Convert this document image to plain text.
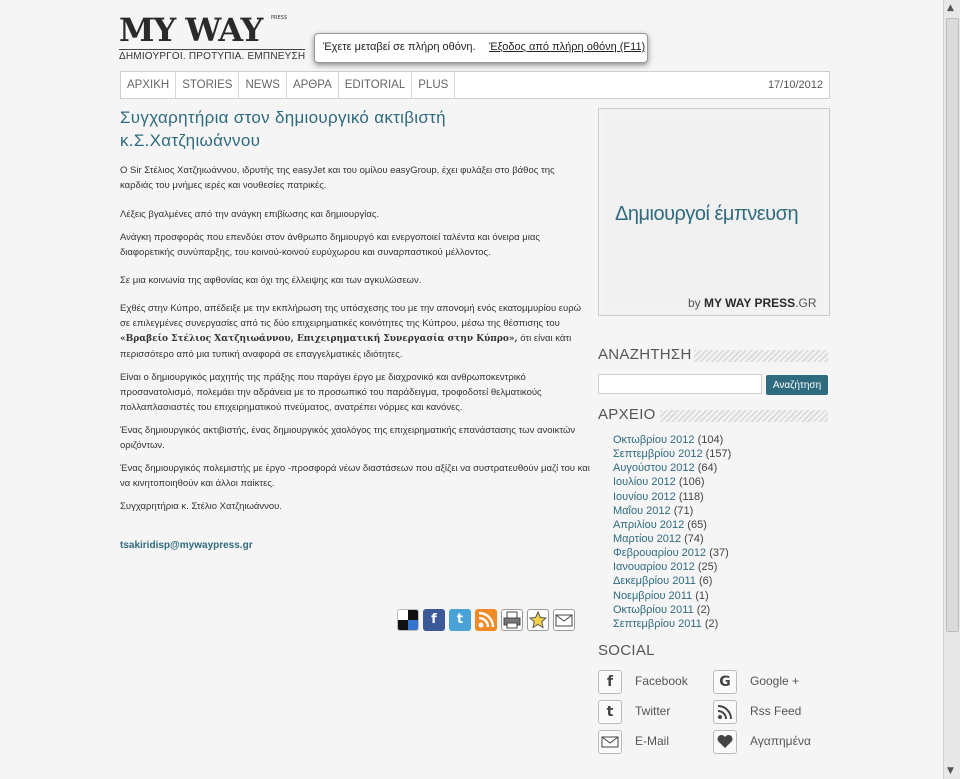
MY WAY	PRESS
ΔΗΜΙΟΥΡΓΟΙ. ΠΡΟΤΥΠΙΑ. ΕΜΠΝΕΥΣΗ
Έχετε μεταβεί σε πλήρη οθόνη. Έξοδος από πλήρη οθόνη (F11)
ΑΡΧΙΚΗ	STORIES	NEWS	ΑΡΘΡΑ	EDITORIAL	PLUS	17/10/2012
Συγχαρητήρια στον δημιουργικό ακτιβιστή κ.Σ.Χατζηιωάννου

Ο Sir Στέλιος Χατζηιωάννου, ιδρυτής της easyJet και του ομίλου easyGroup, έχει φυλάξει στο βάθος της καρδιάς του μνήμες ιερές και νουθεσίες πατρικές.

Λέξεις βγαλμένες από την ανάγκη επιβίωσης και δημιουργίας.

Ανάγκη προσφοράς που επενδύει στον άνθρωπο δημιουργό και ενεργοποιεί ταλέντα και όνειρα μιας διαφορετικής συνύπαρξης, του κοινού-κοινού ευρύχωρου και συναρπαστικού μέλλοντος.

Σε μια κοινωνία της αφθονίας και όχι της έλλειψης και των αγκυλώσεων.

Εχθές στην Κύπρο, απέδειξε με την εκπλήρωση της υπόσχεσης του με την απονομή ενός εκατομμυρίου ευρώ σε επιλεγμένες συνεργασίες από τις δύο επιχειρηματικές κοινότητες της Κύπρου, μέσω της θέσπισης του «Βραβείο Στέλιος Χατζηιωάννου, Επιχειρηματική Συνεργασία στην Κύπρο», ότι είναι κάτι περισσότερο από μια τυπική αναφορά σε επαγγελματικές ιδιότητες.

Είναι ο δημιουργικός μαχητής της πράξης που παράγει έργο με διαχρονικό και ανθρωποκεντρικό προσανατολισμό, πολεμάει την αδράνεια με το προσωπικό του παράδειγμα, τροφοδοτεί θελματικούς πολλαπλασιαστές του επιχειρηματικού πνεύματος, ανατρέπει νόρμες και κανόνες.

Ένας δημιουργικός ακτιβιστής, ένας δημιουργικός χαολόγος της επιχειρηματικής επανάστασης των ανοικτών οριζόντων.

Ένας δημιουργικός πολεμιστής με έργο -προσφορά νέων διαστάσεων που αξίζει να συστρατευθούν μαζί του και να κινητοποιηθούν και άλλοι παίκτες.

Συγχαρητήρια κ. Στέλιο Χατζηιωάννου.

tsakiridisp@mywaypress.gr
f	t
Δημιουργοί έμπνευση
by MY WAY PRESS.GR
ΑΝΑΖΗΤΗΣΗ
Αναζήτηση
ΑΡΧΕΙΟ
Οκτωβρίου 2012 (104)
Σεπτεμβρίου 2012 (157)
Αυγούστου 2012 (64)
Ιουλίου 2012 (106)
Ιουνίου 2012 (118)
Μαΐου 2012 (71)
Απριλίου 2012 (65)
Μαρτίου 2012 (74)
Φεβρουαρίου 2012 (37)
Ιανουαρίου 2012 (25)
Δεκεμβρίου 2011 (6)
Νοεμβρίου 2011 (1)
Οκτωβρίου 2011 (2)
Σεπτεμβρίου 2011 (2)
SOCIAL
f	Facebook	G	Google +
t	Twitter	Rss Feed
E-Mail	Αγαπημένα
▲
▼
